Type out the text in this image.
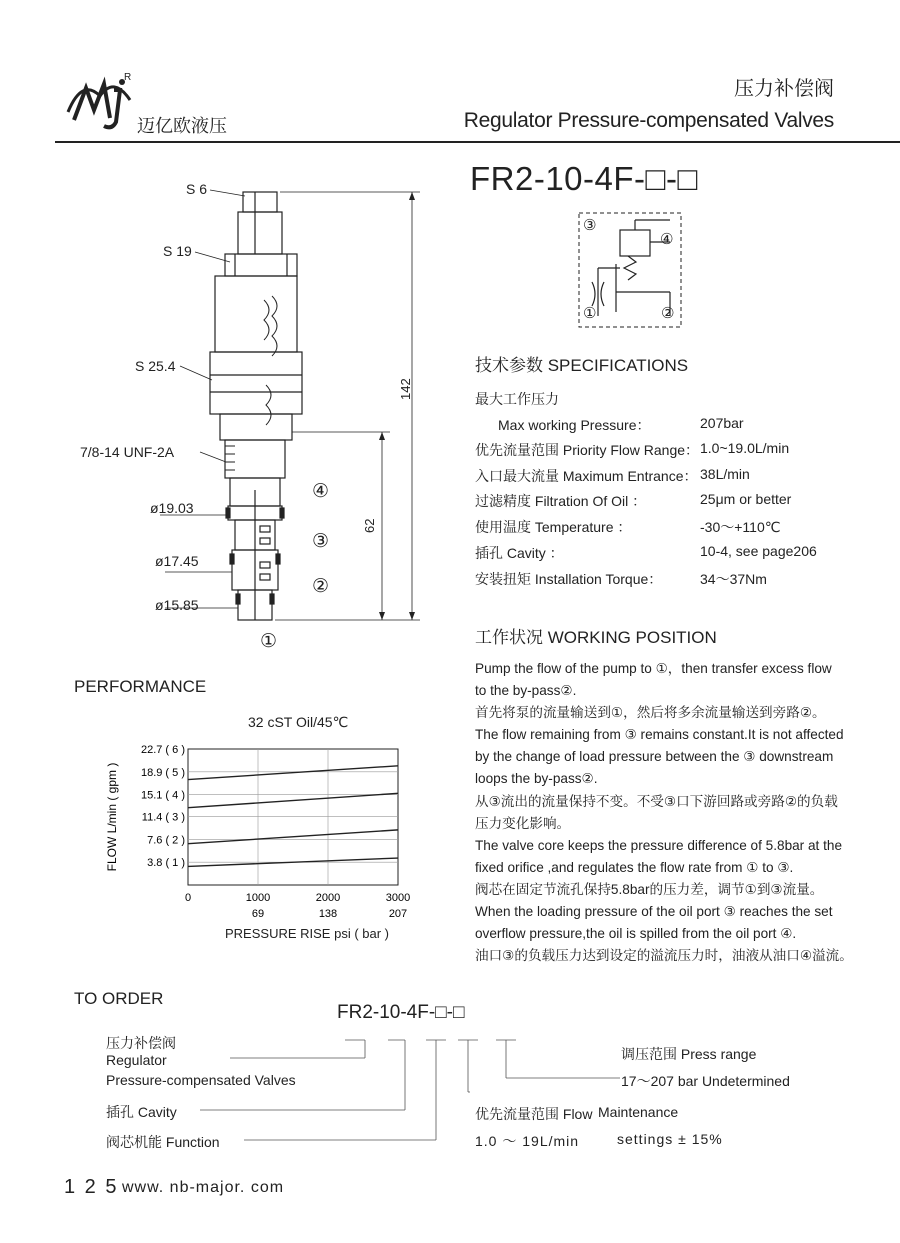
R
迈亿欧液压
压力补偿阀
Regulator Pressure-compensated Valves
FR2-10-4F-□-□
S 6
S 19
S 25.4
7/8-14 UNF-2A
ø19.03
ø17.45
ø15.85
142
62
④
③
②
①
③
④
①	②
技术参数 SPECIFICATIONS
最大工作压力
Max working Pressure：	207bar
优先流量范围 Priority Flow Range： 1.0~19.0L/min
入口最大流量 Maximum Entrance： 38L/min
过滤精度 Filtration Of Oil ：	25μm or better
使用温度 Temperature ：	-30～+110℃
插孔 Cavity ：	10-4, see page206
安装扭矩 Installation Torque：	34～37Nm
工作状况 WORKING POSITION
Pump the flow of the pump to ①，then transfer excess flow
to the by-pass②.
首先将泵的流量输送到①，然后将多余流量输送到旁路②。
The flow remaining from ③ remains constant.It is not affected
by the change of load pressure between the ③ downstream
loops the by-pass②.
从③流出的流量保持不变。不受③口下游回路或旁路②的负载
压力变化影响。
The valve core keeps the pressure difference of 5.8bar at the
fixed orifice ,and regulates the flow rate from ① to ③.
阀芯在固定节流孔保持5.8bar的压力差，调节①到③流量。
When the loading pressure of the oil port ③ reaches the set
overflow pressure,the oil is spilled from the oil port ④.
油口③的负载压力达到设定的溢流压力时，油液从油口④溢流。
PERFORMANCE
32 cST Oil/45℃
3.8 ( 1 )
7.6 ( 2 )
11.4 ( 3 )
15.1 ( 4 )
18.9 ( 5 )
22.7 ( 6 )
0	1000
69
2000
138
3000
207
FLOW L/min ( gpm )
PRESSURE RISE psi ( bar )
TO ORDER
FR2-10-4F-□-□
压力补偿阀
Regulator
Pressure-compensated Valves
插孔 Cavity
阀芯机能 Function
调压范围 Press range
17～207 bar Undetermined
优先流量范围 Flow Maintenance
1.0 ～ 19L/min	settings ± 15%
1 2 5 www. nb-major. com
